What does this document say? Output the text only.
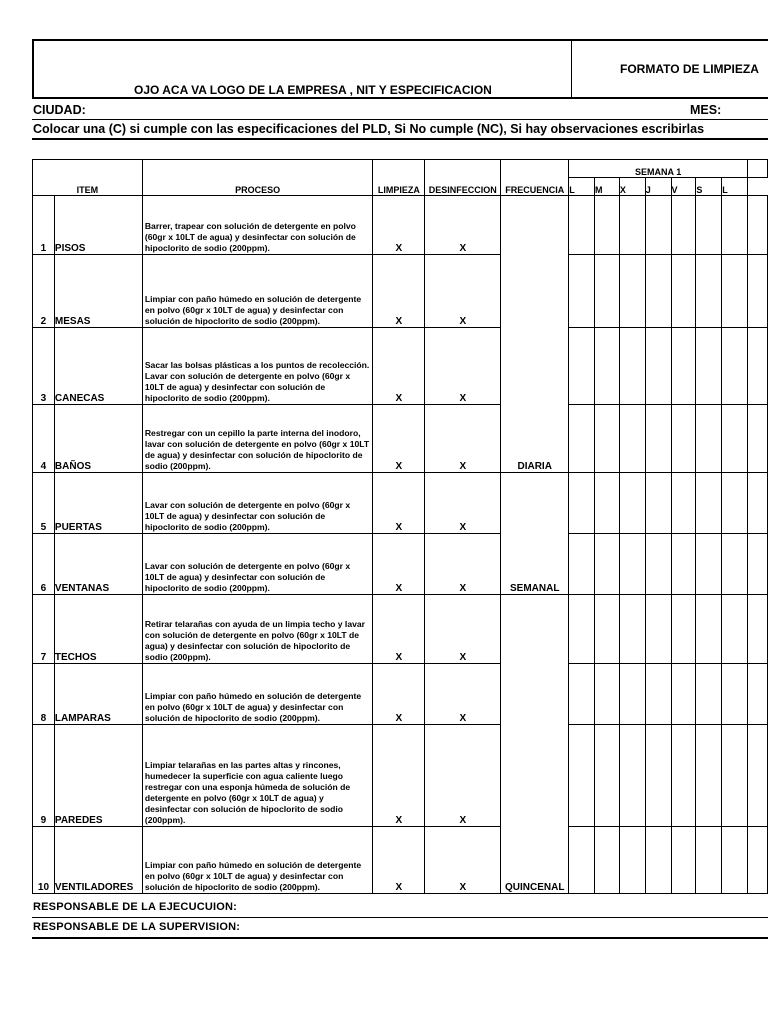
OJO ACA VA LOGO DE LA EMPRESA , NIT Y ESPECIFICACION
FORMATO DE LIMPIEZA
CIUDAD:	MES:
Colocar una (C) si cumple con las especificaciones del PLD, Si No cumple (NC), Si hay observaciones escribirlas
ITEM		PROCESO	LIMPIEZA	DESINFECCION	FRECUENCIA	SEMANA 1							
						L	M	X	J	V	S	L	
1	PISOS	Barrer, trapear con solución de detergente en polvo (60gr x 10LT de agua) y desinfectar con solución de hipoclorito de sodio (200ppm).	X	X	DIARIA								
2	MESAS	Limpiar con paño húmedo en solución de detergente en polvo (60gr x 10LT de agua) y desinfectar con solución de hipoclorito de sodio (200ppm).	X	X									
3	CANECAS	Sacar las bolsas plásticas a los puntos de recolección. Lavar con solución de detergente en polvo (60gr x 10LT de agua) y desinfectar con solución de hipoclorito de sodio (200ppm).	X	X									
4	BAÑOS	Restregar con un cepillo la parte interna del inodoro, lavar con solución de detergente en polvo (60gr x 10LT de agua) y desinfectar con solución de hipoclorito de sodio (200ppm).	X	X									
5	PUERTAS	Lavar con solución de detergente en polvo (60gr x 10LT de agua) y desinfectar con solución de hipoclorito de sodio (200ppm).	X	X	SEMANAL								
6	VENTANAS	Lavar con solución de detergente en polvo (60gr x 10LT de agua) y desinfectar con solución de hipoclorito de sodio (200ppm).	X	X									
7	TECHOS	Retirar telarañas con ayuda de un limpia techo y lavar con solución de detergente en polvo (60gr x 10LT de agua) y desinfectar con solución de hipoclorito de sodio (200ppm).	X	X	QUINCENAL								
8	LAMPARAS	Limpiar con paño húmedo en solución de detergente en polvo (60gr x 10LT de agua) y desinfectar con solución de hipoclorito de sodio (200ppm).	X	X									
9	PAREDES	Limpiar telarañas en las partes altas y rincones, humedecer la superficie con agua caliente luego restregar con una esponja húmeda de solución de detergente en polvo (60gr x 10LT de agua) y desinfectar con solución de hipoclorito de sodio (200ppm).	X	X									
10	VENTILADORES	Limpiar con paño húmedo en solución de detergente en polvo (60gr x 10LT de agua) y desinfectar con solución de hipoclorito de sodio (200ppm).	X	X									
RESPONSABLE DE LA EJECUCUION:
RESPONSABLE DE LA SUPERVISION:
